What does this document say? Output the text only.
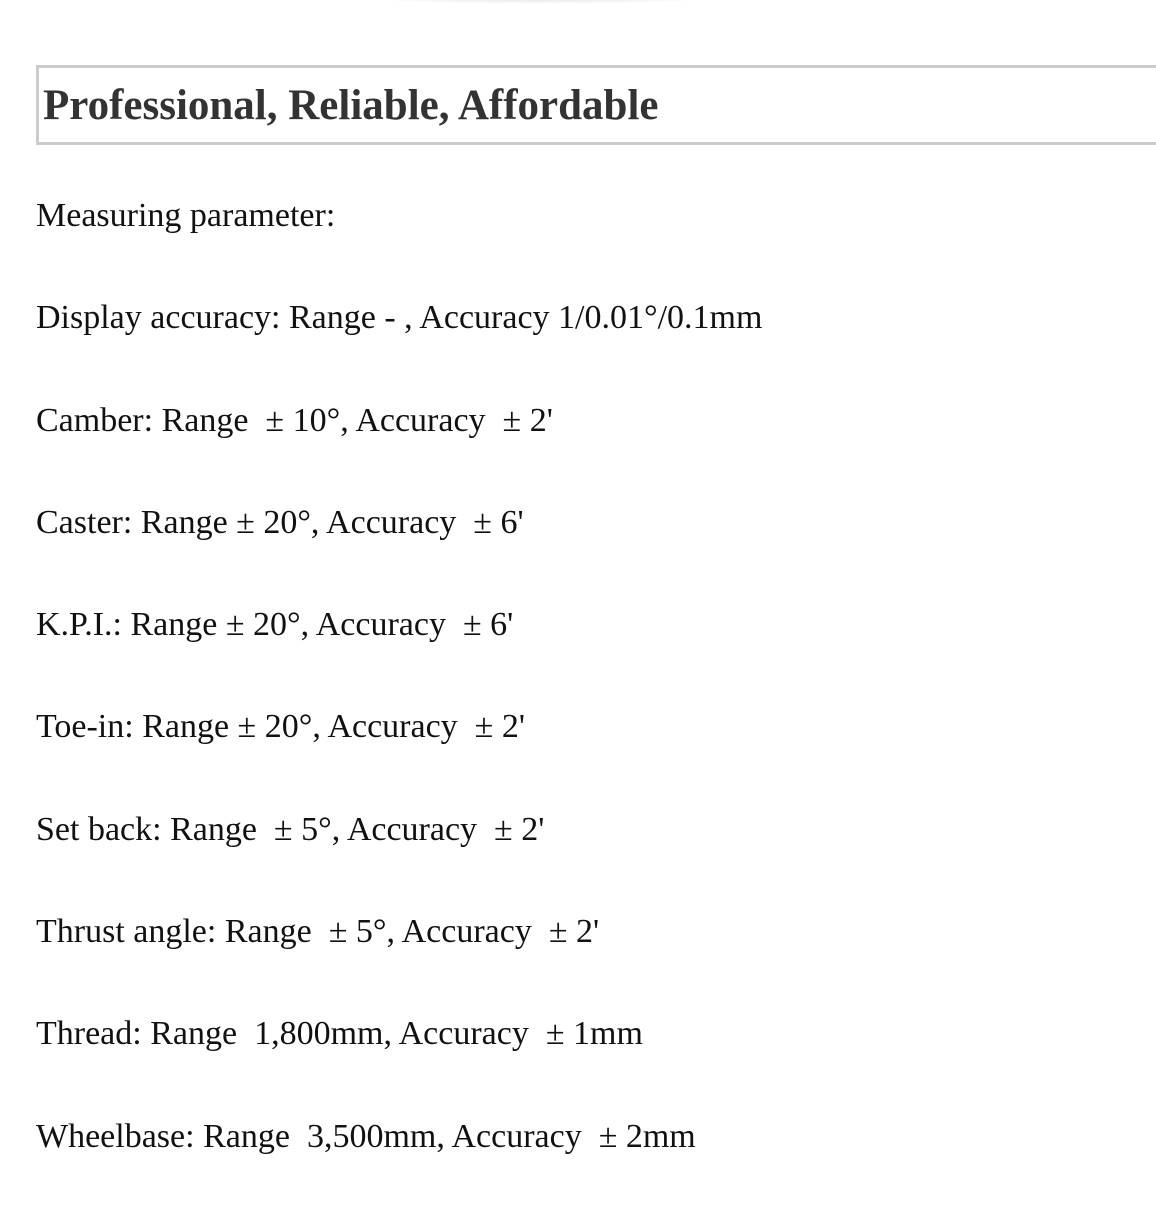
Professional, Reliable, Affordable

Measuring parameter:

Display accuracy: Range - , Accuracy 1/0.01°/0.1mm

Camber: Range  ± 10°, Accuracy  ± 2'

Caster: Range ± 20°, Accuracy  ± 6'

K.P.I.: Range ± 20°, Accuracy  ± 6'

Toe-in: Range ± 20°, Accuracy  ± 2'

Set back: Range  ± 5°, Accuracy  ± 2'

Thrust angle: Range  ± 5°, Accuracy  ± 2'

Thread: Range  1,800mm, Accuracy  ± 1mm

Wheelbase: Range  3,500mm, Accuracy  ± 2mm
